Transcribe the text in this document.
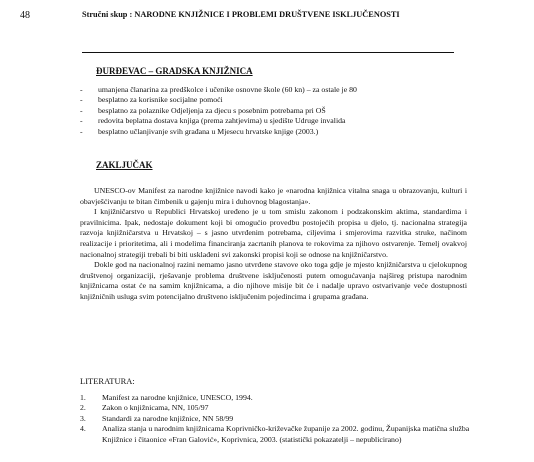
48	Stručni skup : NARODNE KNJIŽNICE I PROBLEMI DRUŠTVENE ISKLJUČENOSTI
ĐURĐEVAC – GRADSKA KNJIŽNICA
- umanjena članarina za predškolce i učenike osnovne škole (60 kn) – za ostale je 80
- besplatno za korisnike socijalne pomoći
- besplatno za polaznike Odjeljenja za djecu s posebnim potrebama pri OŠ
- redovita beplatna dostava knjiga (prema zahtjevima) u sjedište Udruge invalida
- besplatno učlanjivanje svih građana u Mjesecu hrvatske knjige (2003.)
ZAKLJUČAK

UNESCO-ov Manifest za narodne knjižnice navodi kako je «narodna knjižnica vitalna snaga u obrazovanju, kulturi i obavješćivanju te bitan čimbenik u gajenju mira i duhovnog blagostanja».

I knjižničarstvo u Republici Hrvatskoj uređeno je u tom smislu zakonom i podzakonskim aktima, standardima i pravilnicima. Ipak, nedostaje dokument koji bi omogućio provedbu postojećih propisa u djelo, tj. nacionalna strategija razvoja knjižničarstva u Hrvatskoj – s jasno utvrđenim potrebama, ciljevima i smjerovima razvitka struke, načinom realizacije i prioritetima, ali i modelima financiranja zacrtanih planova te rokovima za njihovo ostvarenje. Temelj ovakvoj nacionalnoj strategiji trebali bi biti usklađeni svi zakonski propisi koji se odnose na knjižničarstvo.

Dokle god na nacionalnoj razini nemamo jasno utvrđene stavove oko toga gdje je mjesto knjižničarstva u cjelokupnog društvenoj organizaciji, rješavanje problema društvene isključenosti putem omogućavanja najšireg pristupa narodnim knjižnicama ostat će na samim knjižnicama, a dio njihove misije bit će i nadalje upravo ostvarivanje veće dostupnosti knjižničnih usluga svim potencijalno društveno isključenim pojedincima i grupama građana.

LITERATURA:
1. Manifest za narodne knjižnice, UNESCO, 1994.
2. Zakon o knjižnicama, NN, 105/97
3. Standardi za narodne knjižnice, NN 58/99
4. Analiza stanja u narodnim knjižnicama Koprivničko-križevačke županije za 2002. godinu, Županijska matična služba Knjižnice i čitaonice «Fran Galović», Koprivnica, 2003. (statistički pokazatelji – nepublicirano)
